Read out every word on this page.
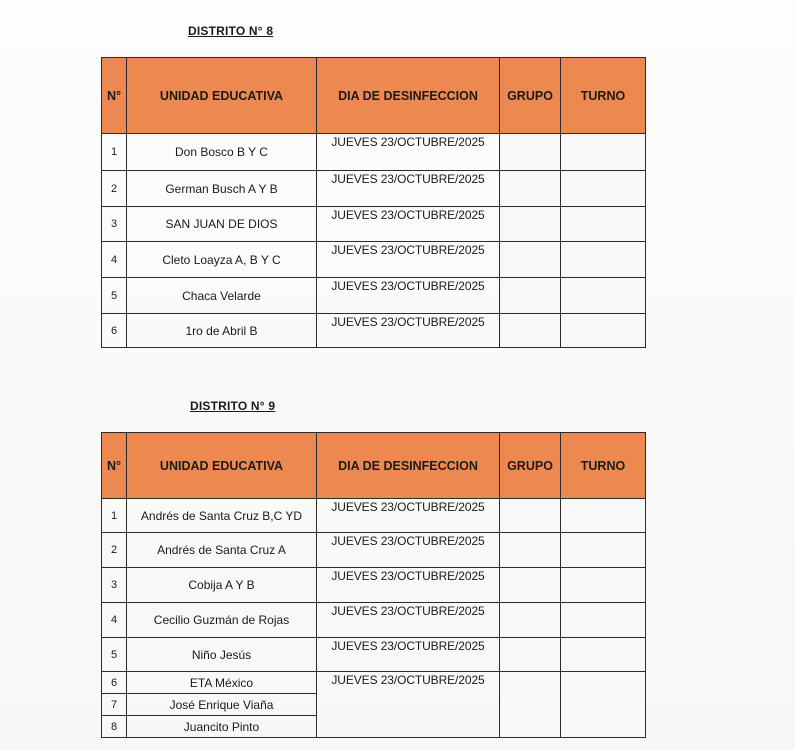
DISTRITO N° 8
N°	UNIDAD EDUCATIVA	DIA DE DESINFECCION	GRUPO	TURNO
1	Don Bosco B Y C	JUEVES 23/OCTUBRE/2025		
2	German Busch A Y B	JUEVES 23/OCTUBRE/2025		
3	SAN JUAN DE DIOS	JUEVES 23/OCTUBRE/2025		
4	Cleto Loayza A, B Y C	JUEVES 23/OCTUBRE/2025		
5	Chaca Velarde	JUEVES 23/OCTUBRE/2025		
6	1ro de Abril B	JUEVES 23/OCTUBRE/2025		
DISTRITO N° 9
N°	UNIDAD EDUCATIVA	DIA DE DESINFECCION	GRUPO	TURNO
1	Andrés de Santa Cruz B,C YD	JUEVES 23/OCTUBRE/2025		
2	Andrés de Santa Cruz A	JUEVES 23/OCTUBRE/2025		
3	Cobija A Y B	JUEVES 23/OCTUBRE/2025		
4	Cecilio Guzmán de Rojas	JUEVES 23/OCTUBRE/2025		
5	Niño Jesús	JUEVES 23/OCTUBRE/2025		
6	ETA México	JUEVES 23/OCTUBRE/2025		
7	José Enrique Viaña			
8	Juancito Pinto			
